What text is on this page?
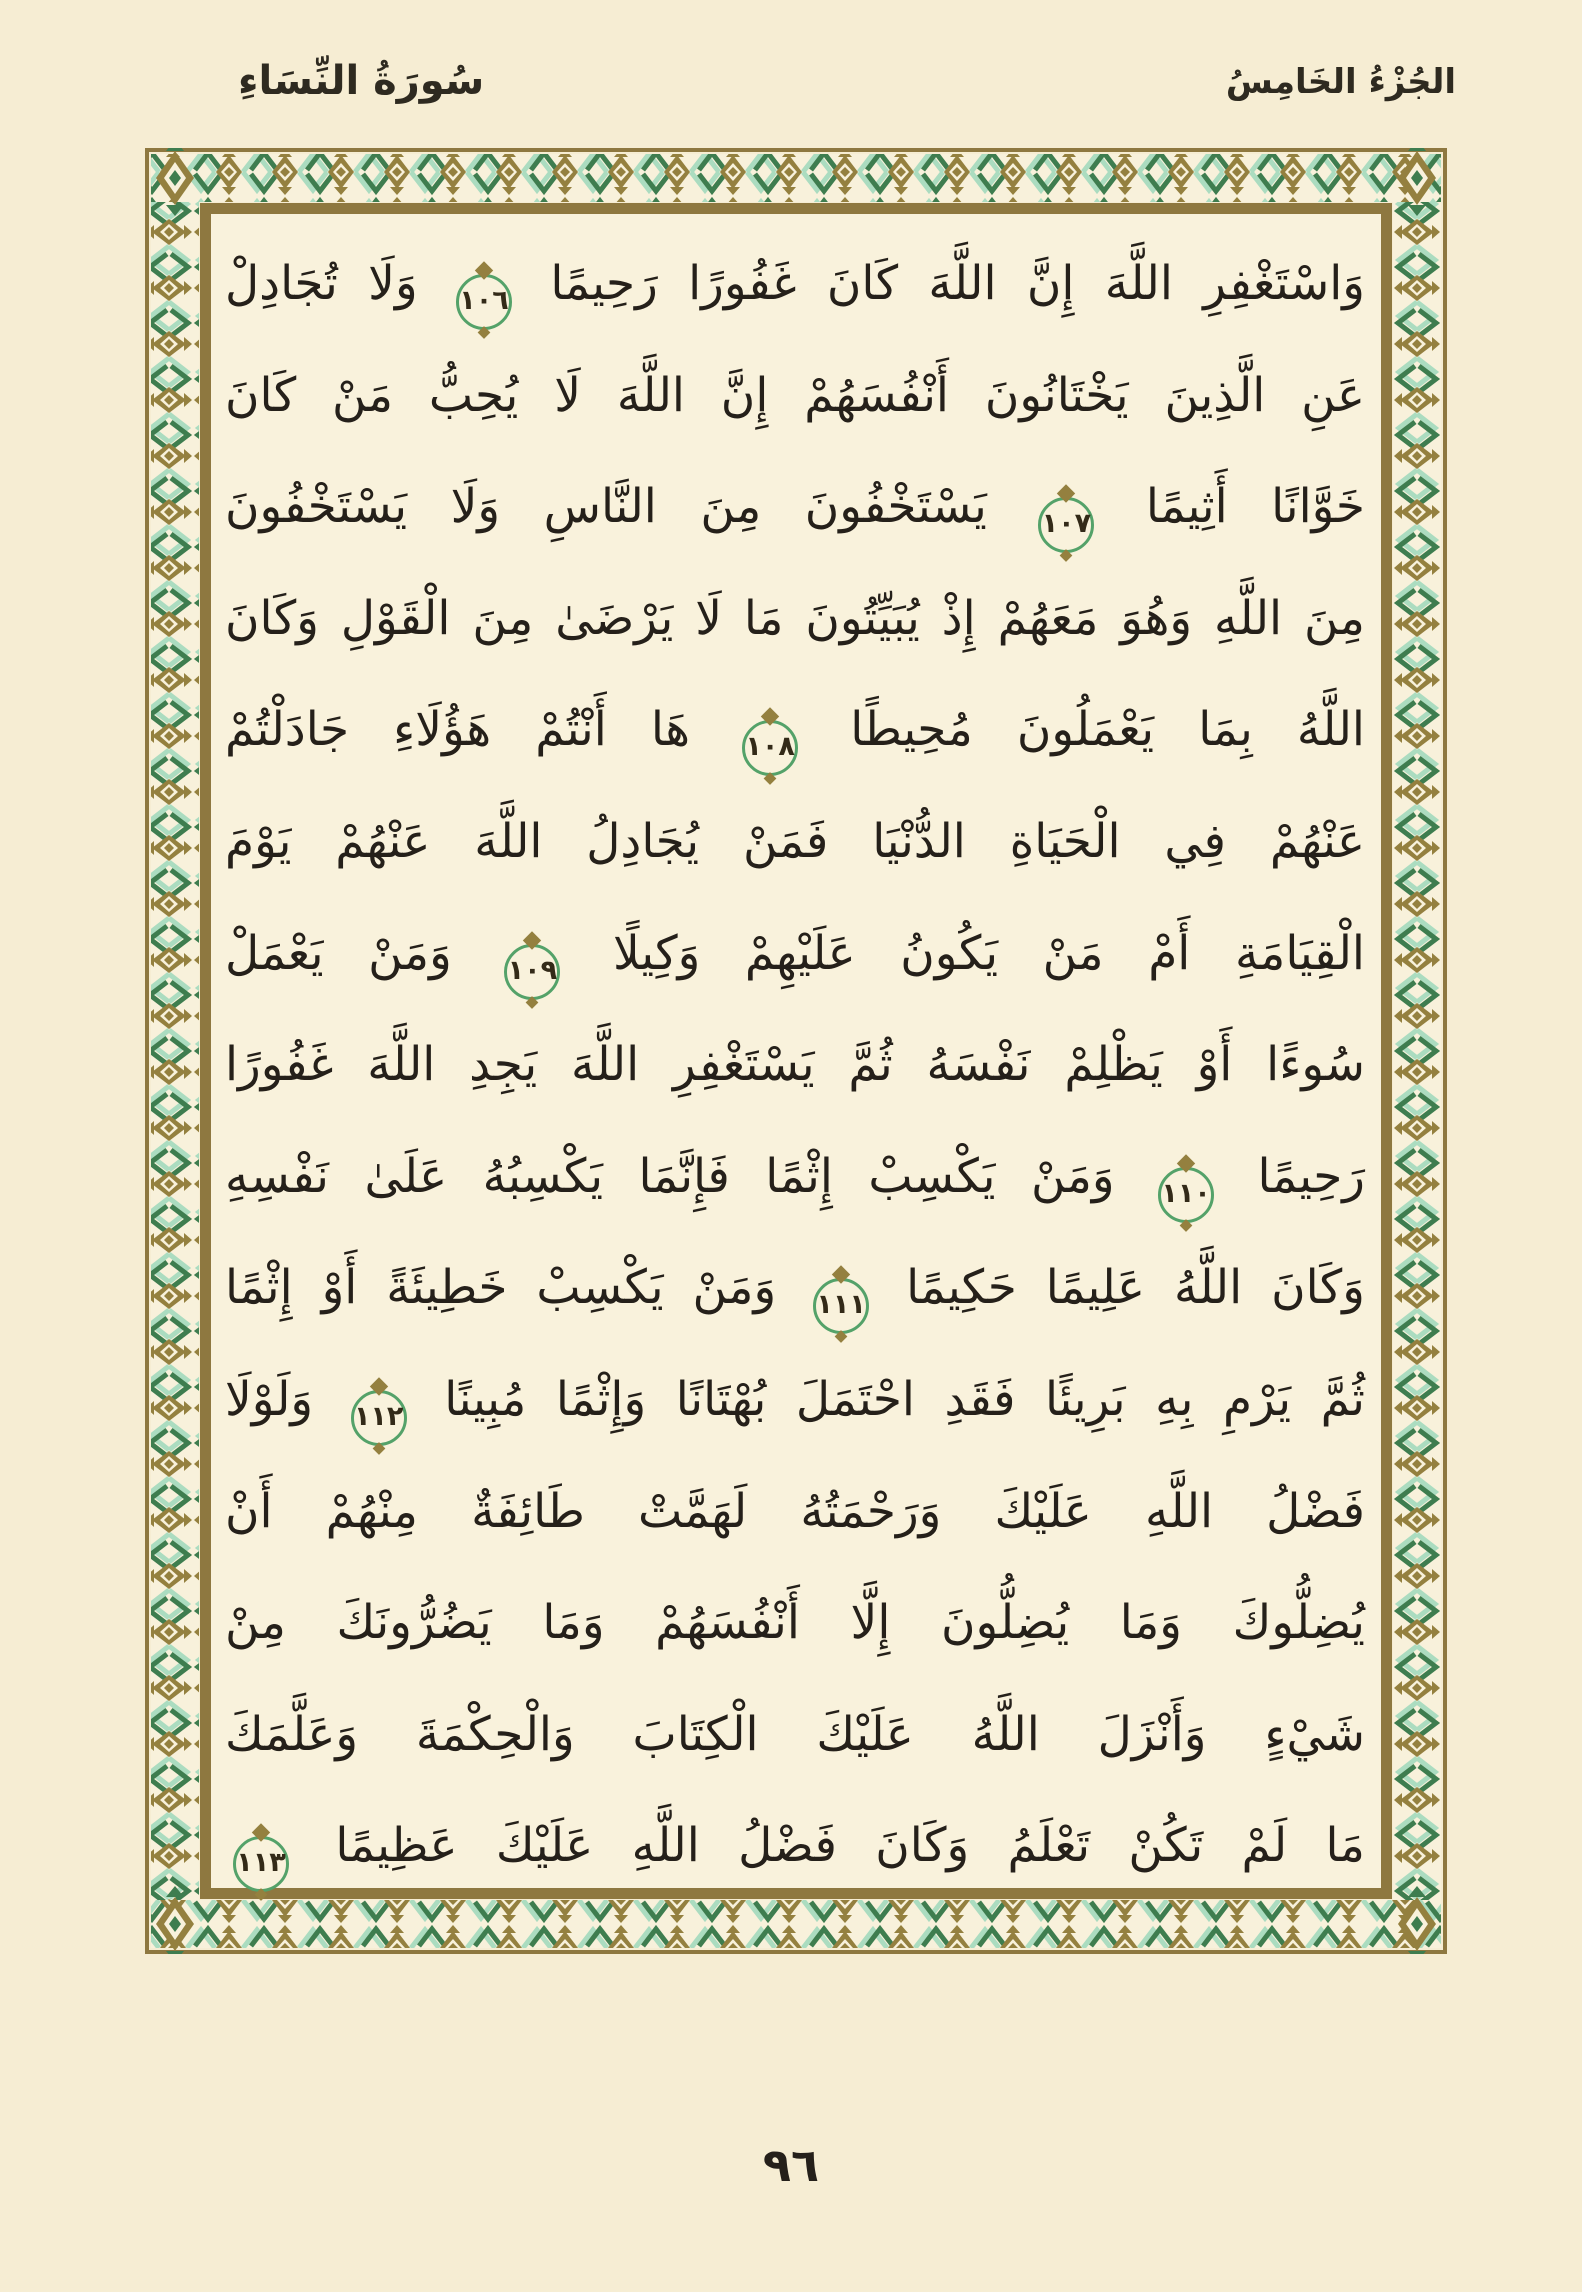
سُورَةُ النِّسَاءِ	الجُزْءُ الخَامِسُ
وَاسْتَغْفِرِ اللَّهَ إِنَّ اللَّهَ كَانَ غَفُورًا رَحِيمًا ١٠٦ وَلَا تُجَادِلْ
عَنِ الَّذِينَ يَخْتَانُونَ أَنْفُسَهُمْ إِنَّ اللَّهَ لَا يُحِبُّ مَنْ كَانَ
خَوَّانًا أَثِيمًا ١٠٧ يَسْتَخْفُونَ مِنَ النَّاسِ وَلَا يَسْتَخْفُونَ
مِنَ اللَّهِ وَهُوَ مَعَهُمْ إِذْ يُبَيِّتُونَ مَا لَا يَرْضَىٰ مِنَ الْقَوْلِ وَكَانَ
اللَّهُ بِمَا يَعْمَلُونَ مُحِيطًا ١٠٨ هَا أَنْتُمْ هَؤُلَاءِ جَادَلْتُمْ
عَنْهُمْ فِي الْحَيَاةِ الدُّنْيَا فَمَنْ يُجَادِلُ اللَّهَ عَنْهُمْ يَوْمَ
الْقِيَامَةِ أَمْ مَنْ يَكُونُ عَلَيْهِمْ وَكِيلًا ١٠٩ وَمَنْ يَعْمَلْ
سُوءًا أَوْ يَظْلِمْ نَفْسَهُ ثُمَّ يَسْتَغْفِرِ اللَّهَ يَجِدِ اللَّهَ غَفُورًا
رَحِيمًا ١١٠ وَمَنْ يَكْسِبْ إِثْمًا فَإِنَّمَا يَكْسِبُهُ عَلَىٰ نَفْسِهِ
وَكَانَ اللَّهُ عَلِيمًا حَكِيمًا ١١١ وَمَنْ يَكْسِبْ خَطِيئَةً أَوْ إِثْمًا
ثُمَّ يَرْمِ بِهِ بَرِيئًا فَقَدِ احْتَمَلَ بُهْتَانًا وَإِثْمًا مُبِينًا ١١٢ وَلَوْلَا
فَضْلُ اللَّهِ عَلَيْكَ وَرَحْمَتُهُ لَهَمَّتْ طَائِفَةٌ مِنْهُمْ أَنْ
يُضِلُّوكَ وَمَا يُضِلُّونَ إِلَّا أَنْفُسَهُمْ وَمَا يَضُرُّونَكَ مِنْ
شَيْءٍ وَأَنْزَلَ اللَّهُ عَلَيْكَ الْكِتَابَ وَالْحِكْمَةَ وَعَلَّمَكَ
مَا لَمْ تَكُنْ تَعْلَمُ وَكَانَ فَضْلُ اللَّهِ عَلَيْكَ عَظِيمًا ١١٣
٩٦
